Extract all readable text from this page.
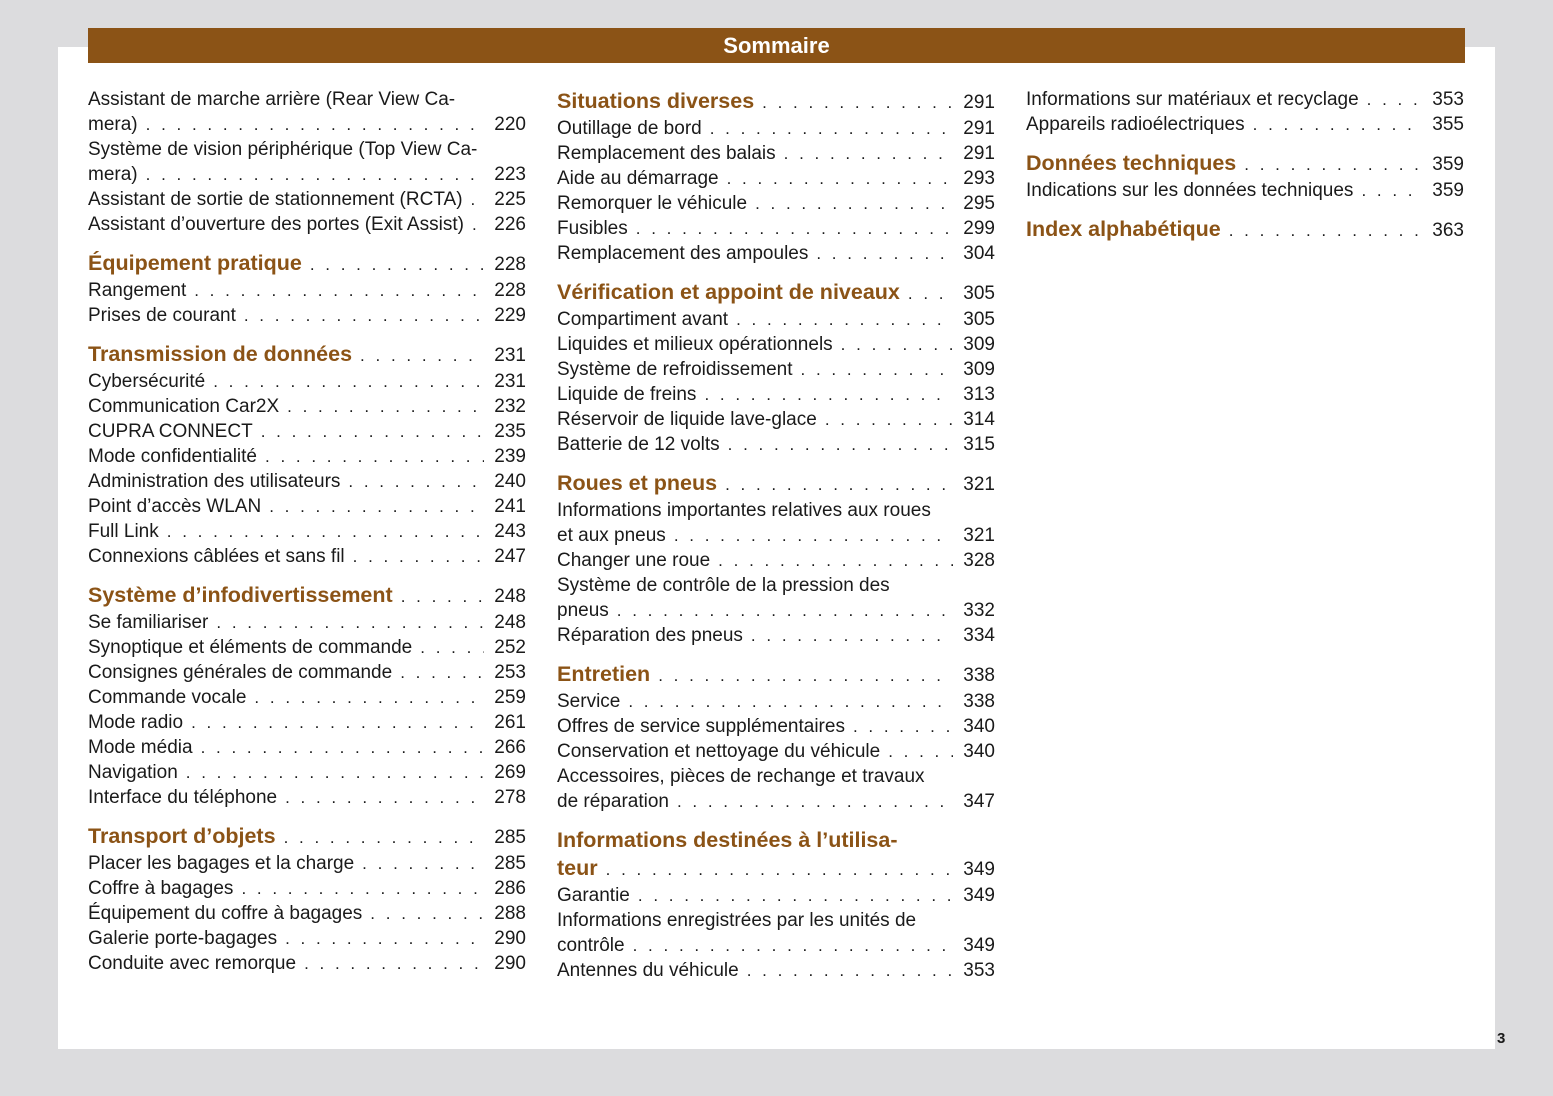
Sommaire
Assistant de marche arrière (Rear View Ca-
mera) . . .	220
Système de vision périphérique (Top View Ca-
mera) . . .	223
Assistant de sortie de stationnement (RCTA) . . . 225
Assistant d’ouverture des portes (Exit Assist) . . . 226
Équipement pratique . . .	228
Rangement . . .	228
Prises de courant . . .	229
Transmission de données . . .	231
Cybersécurité . . .	231
Communication Car2X . . .	232
CUPRA CONNECT . . .	235
Mode confidentialité . . .	239
Administration des utilisateurs . . .	240
Point d’accès WLAN . . .	241
Full Link . . .	243
Connexions câblées et sans fil . . .	247
Système d’infodivertissement . . .	248
Se familiariser . . .	248
Synoptique et éléments de commande . . .	252
Consignes générales de commande . . .	253
Commande vocale . . .	259
Mode radio . . .	261
Mode média . . .	266
Navigation . . .	269
Interface du téléphone . . .	278
Transport d’objets . . .	285
Placer les bagages et la charge . . .	285
Coffre à bagages . . .	286
Équipement du coffre à bagages . . .	288
Galerie porte-bagages . . .	290
Conduite avec remorque . . .	290
Situations diverses . . .	291
Outillage de bord . . .	291
Remplacement des balais . . .	291
Aide au démarrage . . .	293
Remorquer le véhicule . . .	295
Fusibles . . .	299
Remplacement des ampoules . . .	304
Vérification et appoint de niveaux . . .	305
Compartiment avant . . .	305
Liquides et milieux opérationnels . . .	309
Système de refroidissement . . .	309
Liquide de freins . . .	313
Réservoir de liquide lave-glace . . .	314
Batterie de 12 volts . . .	315
Roues et pneus . . .	321
Informations importantes relatives aux roues
et aux pneus . . .	321
Changer une roue . . .	328
Système de contrôle de la pression des
pneus . . .	332
Réparation des pneus . . .	334
Entretien . . .	338
Service . . .	338
Offres de service supplémentaires . . .	340
Conservation et nettoyage du véhicule . . .	340
Accessoires, pièces de rechange et travaux
de réparation . . .	347
Informations destinées à l’utilisa-
teur . . .	349
Garantie . . .	349
Informations enregistrées par les unités de
contrôle . . .	349
Antennes du véhicule . . .	353
Informations sur matériaux et recyclage . . .	353
Appareils radioélectriques . . .	355
Données techniques . . .	359
Indications sur les données techniques . . .	359
Index alphabétique . . .	363
3
